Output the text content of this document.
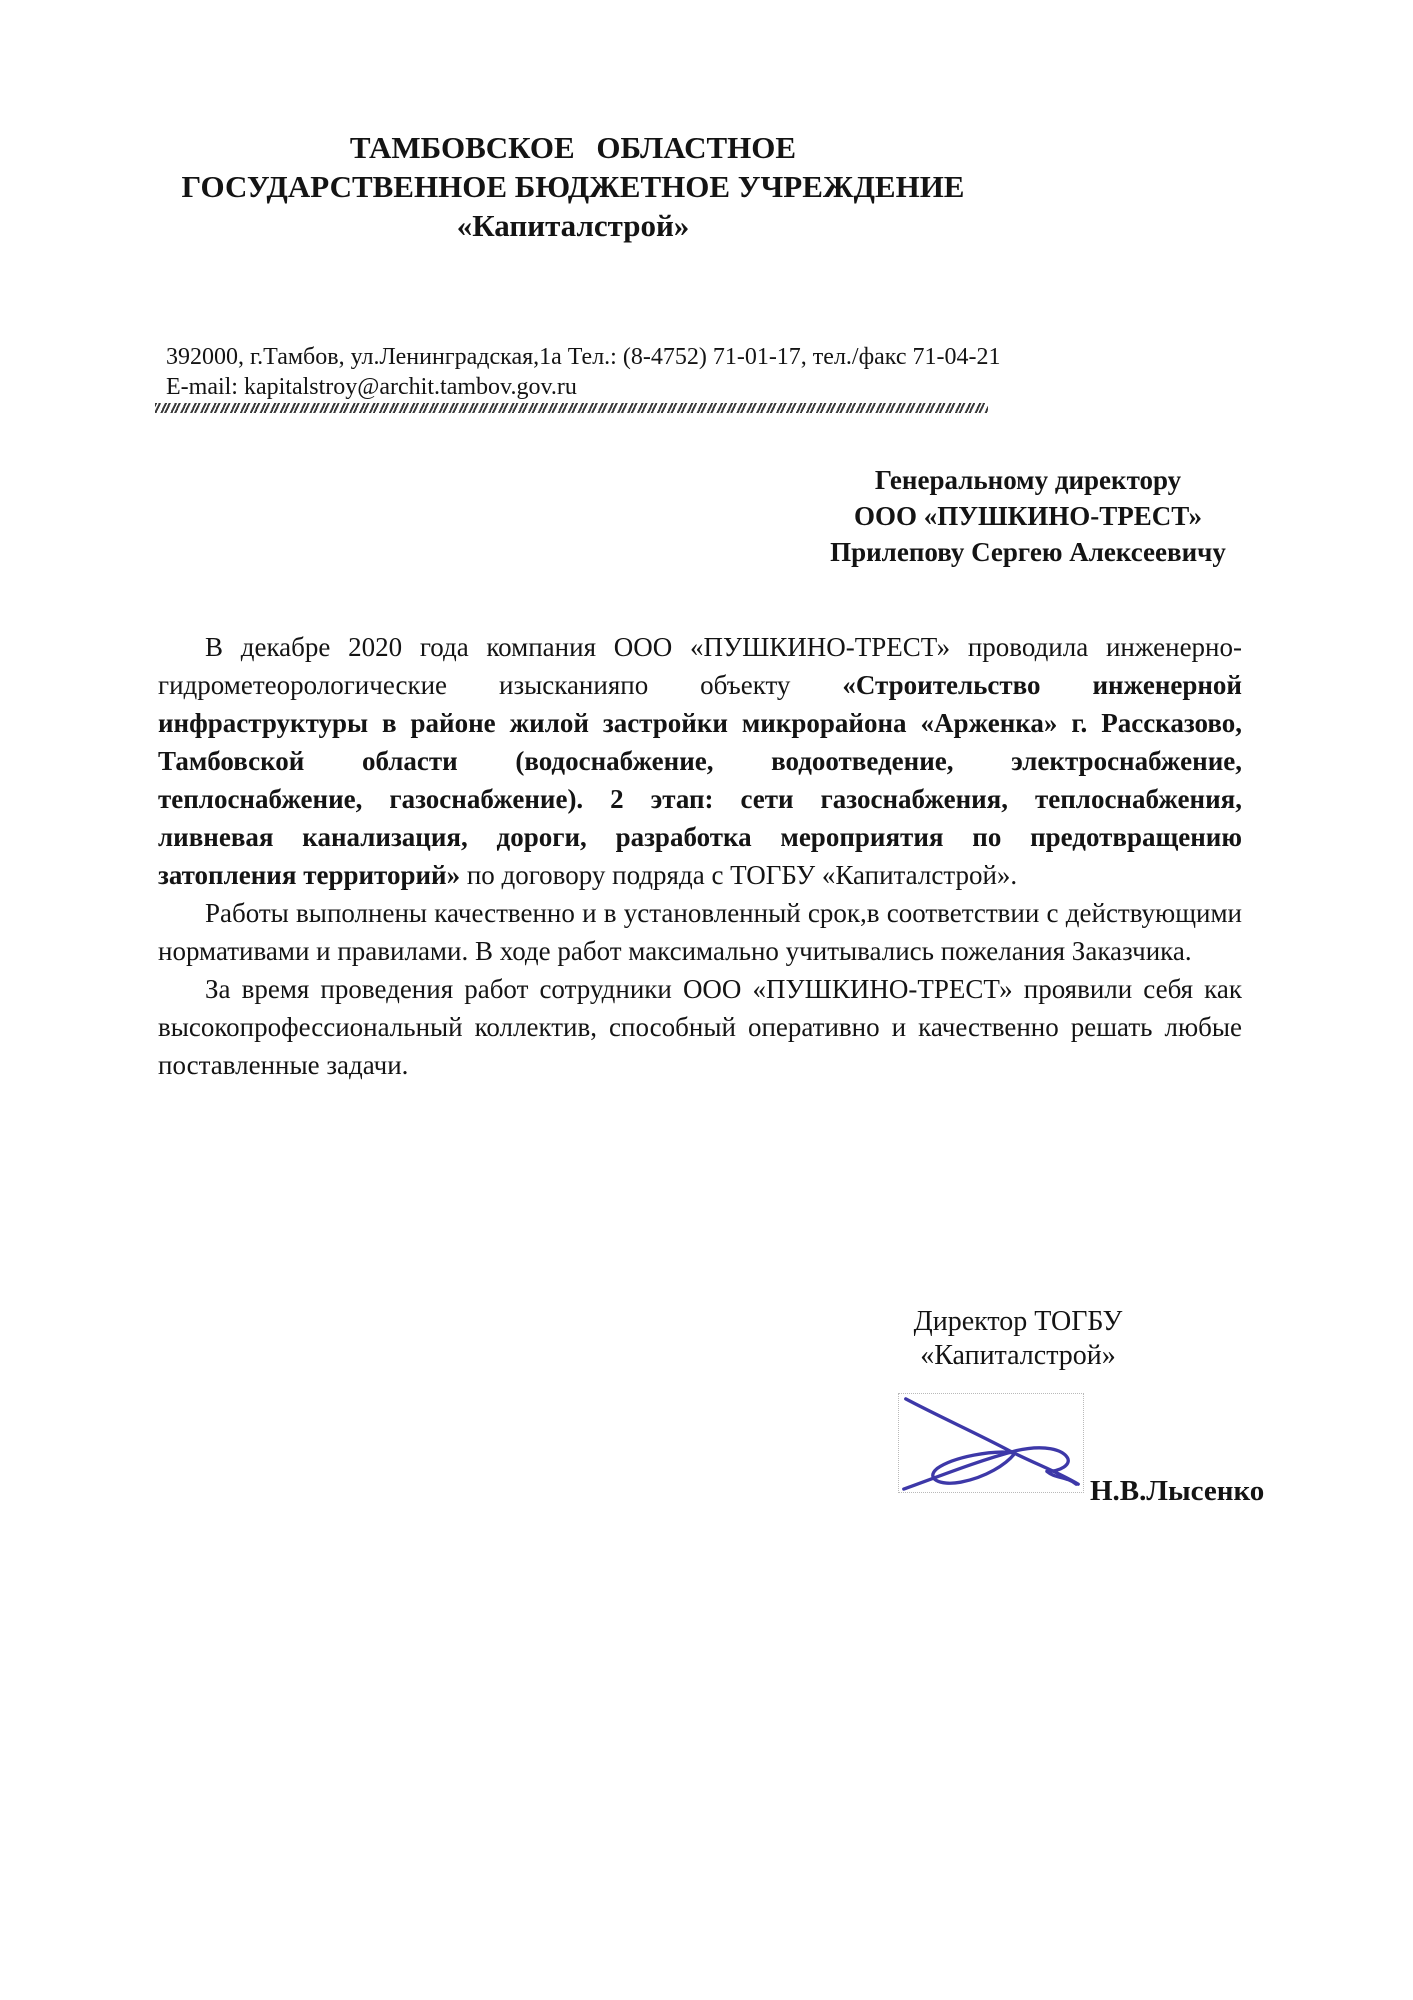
ТАМБОВСКОЕ ОБЛАСТНОЕ
ГОСУДАРСТВЕННОЕ БЮДЖЕТНОЕ УЧРЕЖДЕНИЕ
«Капиталстрой»
392000, г.Тамбов, ул.Ленинградская,1а Тел.: (8-4752) 71-01-17, тел./факс 71-04-21
E-mail: kapitalstroy@archit.tambov.gov.ru
Генеральному директору
ООО «ПУШКИНО-ТРЕСТ»
Прилепову Сергею Алексеевичу

В декабре 2020 года компания ООО «ПУШКИНО-ТРЕСТ» проводила инженерно-гидрометеорологические изысканияпо объекту «Строительство инженерной инфраструктуры в районе жилой застройки микрорайона «Арженка» г. Рассказово, Тамбовской области (водоснабжение, водоотведение, электроснабжение, теплоснабжение, газоснабжение). 2 этап: сети газоснабжения, теплоснабжения, ливневая канализация, дороги, разработка мероприятия по предотвращению затопления территорий» по договору подряда с ТОГБУ «Капиталстрой».

Работы выполнены качественно и в установленный срок,в соответствии с действующими нормативами и правилами. В ходе работ максимально учитывались пожелания Заказчика.

За время проведения работ сотрудники ООО «ПУШКИНО-ТРЕСТ» проявили себя как высокопрофессиональный коллектив, способный оперативно и качественно решать любые поставленные задачи.

Директор ТОГБУ
«Капиталстрой»
Н.В.Лысенко
